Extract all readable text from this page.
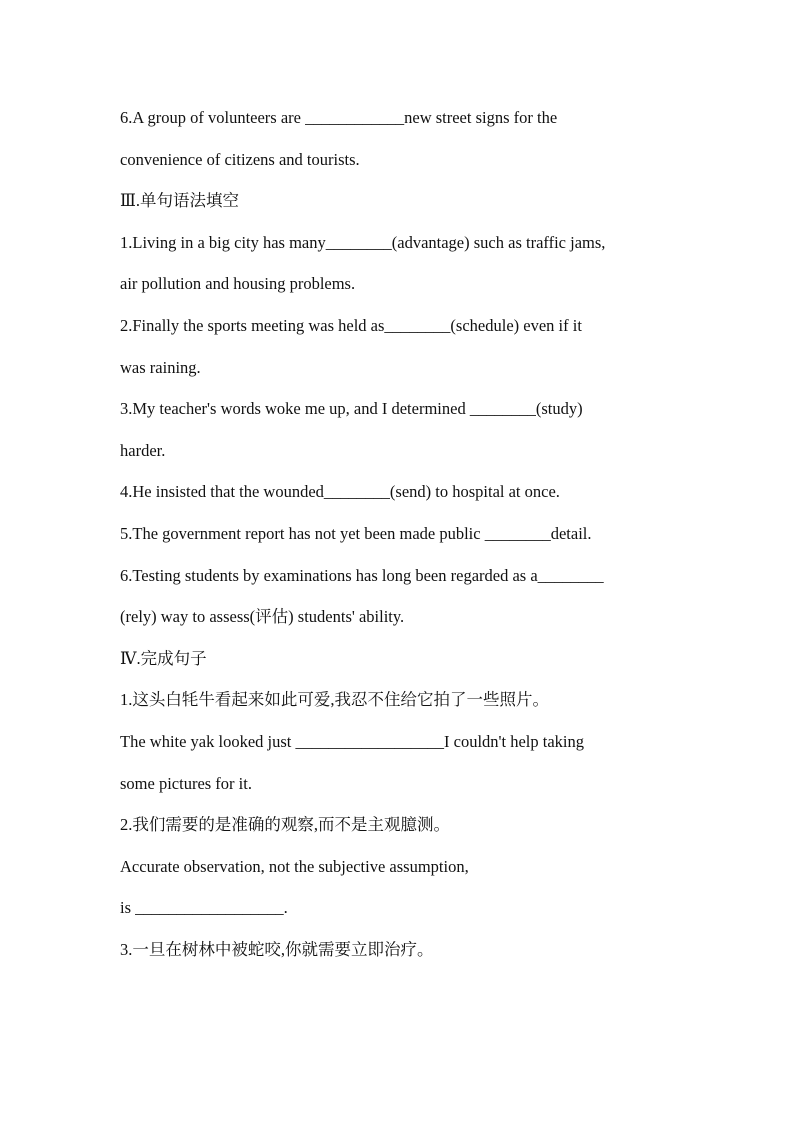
6.A group of volunteers are ____________new street signs for the
convenience of citizens and tourists.
Ⅲ.单句语法填空
1.Living in a big city has many________(advantage) such as traffic jams,
air pollution and housing problems.
2.Finally the sports meeting was held as________(schedule) even if it
was raining.
3.My teacher's words woke me up, and I determined ________(study)
harder.
4.He insisted that the wounded________(send) to hospital at once.
5.The government report has not yet been made public ________detail.
6.Testing students by examinations has long been regarded as a________
(rely) way to assess(评估) students' ability.
Ⅳ.完成句子
1.这头白牦牛看起来如此可爱,我忍不住给它拍了一些照片。
The white yak looked just __________________I couldn't help taking
some pictures for it.
2.我们需要的是准确的观察,而不是主观臆测。
Accurate observation, not the subjective assumption,
is __________________.
3.一旦在树林中被蛇咬,你就需要立即治疗。
